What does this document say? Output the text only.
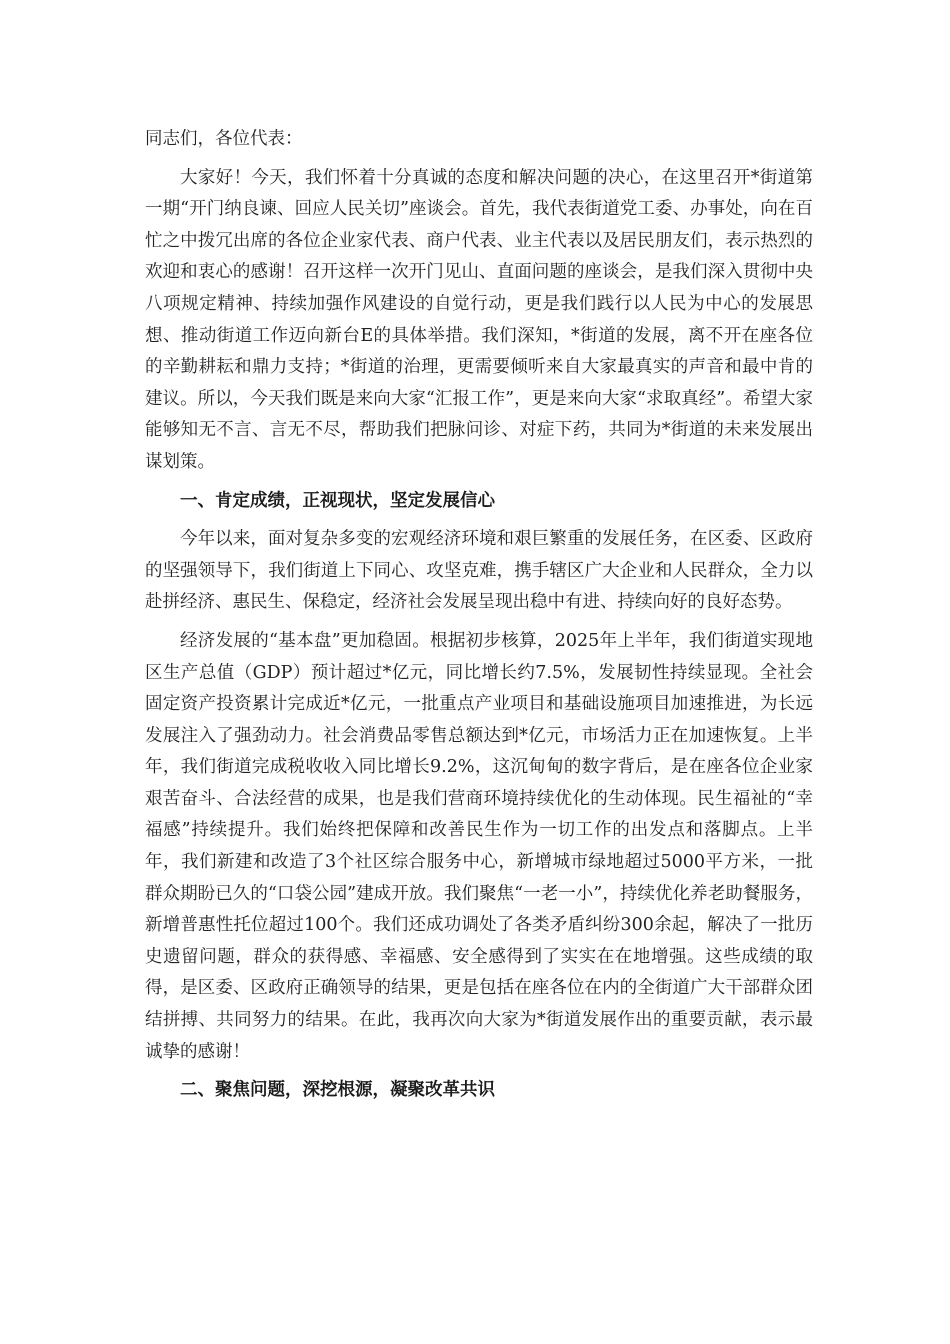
同志们，各位代表：

大家好！今天，我们怀着十分真诚的态度和解决问题的决心，在这里召开*街道第一期“开门纳良谏、回应人民关切”座谈会。首先，我代表街道党工委、办事处，向在百忙之中拨冗出席的各位企业家代表、商户代表、业主代表以及居民朋友们，表示热烈的欢迎和衷心的感谢！召开这样一次开门见山、直面问题的座谈会，是我们深入贯彻中央八项规定精神、持续加强作风建设的自觉行动，更是我们践行以人民为中心的发展思想、推动街道工作迈向新台E的具体举措。我们深知，*街道的发展，离不开在座各位的辛勤耕耘和鼎力支持；*街道的治理，更需要倾听来自大家最真实的声音和最中肯的建议。所以，今天我们既是来向大家“汇报工作”，更是来向大家“求取真经”。希望大家能够知无不言、言无不尽，帮助我们把脉问诊、对症下药，共同为*街道的未来发展出谋划策。

一、肯定成绩，正视现状，坚定发展信心

今年以来，面对复杂多变的宏观经济环境和艰巨繁重的发展任务，在区委、区政府的坚强领导下，我们街道上下同心、攻坚克难，携手辖区广大企业和人民群众，全力以赴拼经济、惠民生、保稳定，经济社会发展呈现出稳中有进、持续向好的良好态势。

经济发展的“基本盘”更加稳固。根据初步核算，2025年上半年，我们街道实现地区生产总值（GDP）预计超过*亿元，同比增长约7.5%，发展韧性持续显现。全社会固定资产投资累计完成近*亿元，一批重点产业项目和基础设施项目加速推进，为长远发展注入了强劲动力。社会消费品零售总额达到*亿元，市场活力正在加速恢复。上半年，我们街道完成税收收入同比增长9.2%，这沉甸甸的数字背后，是在座各位企业家艰苦奋斗、合法经营的成果，也是我们营商环境持续优化的生动体现。民生福祉的“幸福感”持续提升。我们始终把保障和改善民生作为一切工作的出发点和落脚点。上半年，我们新建和改造了3个社区综合服务中心，新增城市绿地超过5000平方米，一批群众期盼已久的“口袋公园”建成开放。我们聚焦“一老一小”，持续优化养老助餐服务，新增普惠性托位超过100个。我们还成功调处了各类矛盾纠纷300余起，解决了一批历史遗留问题，群众的获得感、幸福感、安全感得到了实实在在地增强。这些成绩的取得，是区委、区政府正确领导的结果，更是包括在座各位在内的全街道广大干部群众团结拼搏、共同努力的结果。在此，我再次向大家为*街道发展作出的重要贡献，表示最诚挚的感谢！

二、聚焦问题，深挖根源，凝聚改革共识
